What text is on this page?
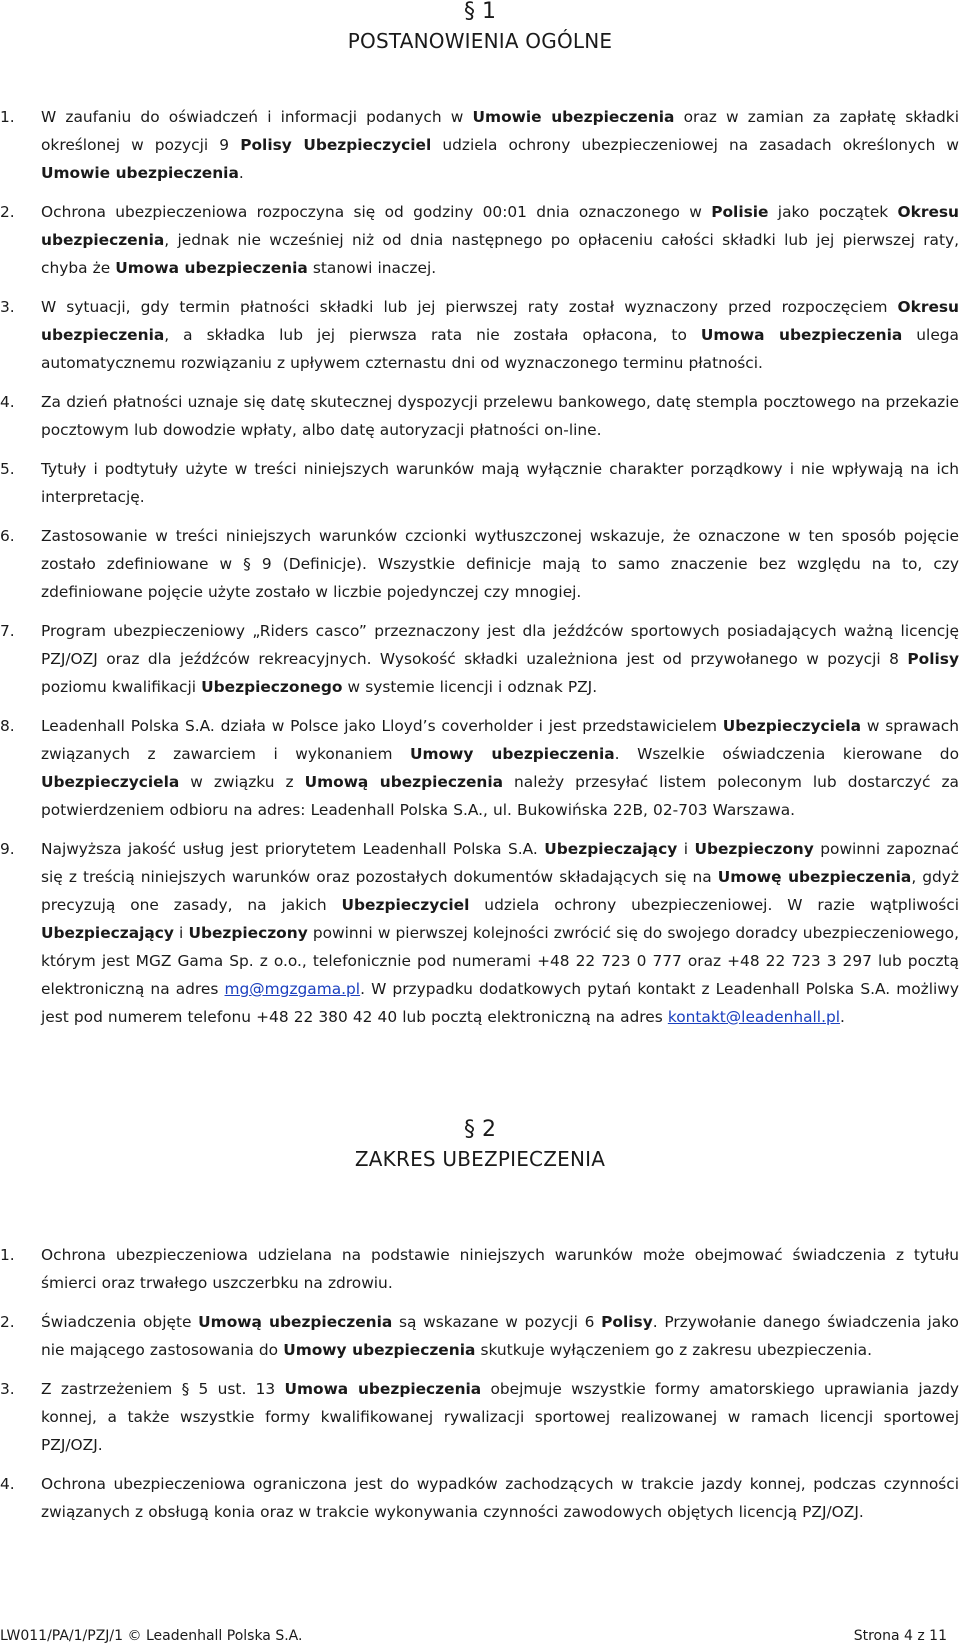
§ 1
POSTANOWIENIA OGÓLNE
1.	W zaufaniu do oświadczeń i informacji podanych w Umowie ubezpieczenia oraz w zamian za zapłatę składki określonej w pozycji 9 Polisy Ubezpieczyciel udziela ochrony ubezpieczeniowej na zasadach określonych w Umowie ubezpieczenia.
2.	Ochrona ubezpieczeniowa rozpoczyna się od godziny 00:01 dnia oznaczonego w Polisie jako początek Okresu ubezpieczenia, jednak nie wcześniej niż od dnia następnego po opłaceniu całości składki lub jej pierwszej raty, chyba że Umowa ubezpieczenia stanowi inaczej.
3.	W sytuacji, gdy termin płatności składki lub jej pierwszej raty został wyznaczony przed rozpoczęciem Okresu ubezpieczenia, a składka lub jej pierwsza rata nie została opłacona, to Umowa ubezpieczenia ulega automatycznemu rozwiązaniu z upływem czternastu dni od wyznaczonego terminu płatności.
4.	Za dzień płatności uznaje się datę skutecznej dyspozycji przelewu bankowego, datę stempla pocztowego na przekazie pocztowym lub dowodzie wpłaty, albo datę autoryzacji płatności on-line.
5.	Tytuły i podtytuły użyte w treści niniejszych warunków mają wyłącznie charakter porządkowy i nie wpływają na ich interpretację.
6.	Zastosowanie w treści niniejszych warunków czcionki wytłuszczonej wskazuje, że oznaczone w ten sposób pojęcie zostało zdefiniowane w § 9 (Definicje). Wszystkie definicje mają to samo znaczenie bez względu na to, czy zdefiniowane pojęcie użyte zostało w liczbie pojedynczej czy mnogiej.
7.	Program ubezpieczeniowy „Riders casco” przeznaczony jest dla jeźdźców sportowych posiadających ważną licencję PZJ/OZJ oraz dla jeźdźców rekreacyjnych. Wysokość składki uzależniona jest od przywołanego w pozycji 8 Polisy poziomu kwalifikacji Ubezpieczonego w systemie licencji i odznak PZJ.
8.	Leadenhall Polska S.A. działa w Polsce jako Lloyd’s coverholder i jest przedstawicielem Ubezpieczyciela w sprawach związanych z zawarciem i wykonaniem Umowy ubezpieczenia. Wszelkie oświadczenia kierowane do Ubezpieczyciela w związku z Umową ubezpieczenia należy przesyłać listem poleconym lub dostarczyć za potwierdzeniem odbioru na adres: Leadenhall Polska S.A., ul. Bukowińska 22B, 02-703 Warszawa.
9.	Najwyższa jakość usług jest priorytetem Leadenhall Polska S.A. Ubezpieczający i Ubezpieczony powinni zapoznać się z treścią niniejszych warunków oraz pozostałych dokumentów składających się na Umowę ubezpieczenia, gdyż precyzują one zasady, na jakich Ubezpieczyciel udziela ochrony ubezpieczeniowej. W razie wątpliwości Ubezpieczający i Ubezpieczony powinni w pierwszej kolejności zwrócić się do swojego doradcy ubezpieczeniowego, którym jest MGZ Gama Sp. z o.o., telefonicznie pod numerami +48 22 723 0 777 oraz +48 22 723 3 297 lub pocztą elektroniczną na adres mg@mgzgama.pl. W przypadku dodatkowych pytań kontakt z Leadenhall Polska S.A. możliwy jest pod numerem telefonu +48 22 380 42 40 lub pocztą elektroniczną na adres kontakt@leadenhall.pl.
§ 2
ZAKRES UBEZPIECZENIA
1.	Ochrona ubezpieczeniowa udzielana na podstawie niniejszych warunków może obejmować świadczenia z tytułu śmierci oraz trwałego uszczerbku na zdrowiu.
2.	Świadczenia objęte Umową ubezpieczenia są wskazane w pozycji 6 Polisy. Przywołanie danego świadczenia jako nie mającego zastosowania do Umowy ubezpieczenia skutkuje wyłączeniem go z zakresu ubezpieczenia.
3.	Z zastrzeżeniem § 5 ust. 13 Umowa ubezpieczenia obejmuje wszystkie formy amatorskiego uprawiania jazdy konnej, a także wszystkie formy kwalifikowanej rywalizacji sportowej realizowanej w ramach licencji sportowej PZJ/OZJ.
4.	Ochrona ubezpieczeniowa ograniczona jest do wypadków zachodzących w trakcie jazdy konnej, podczas czynności związanych z obsługą konia oraz w trakcie wykonywania czynności zawodowych objętych licencją PZJ/OZJ.
LW011/PA/1/PZJ/1 © Leadenhall Polska S.A.	Strona 4 z 11
